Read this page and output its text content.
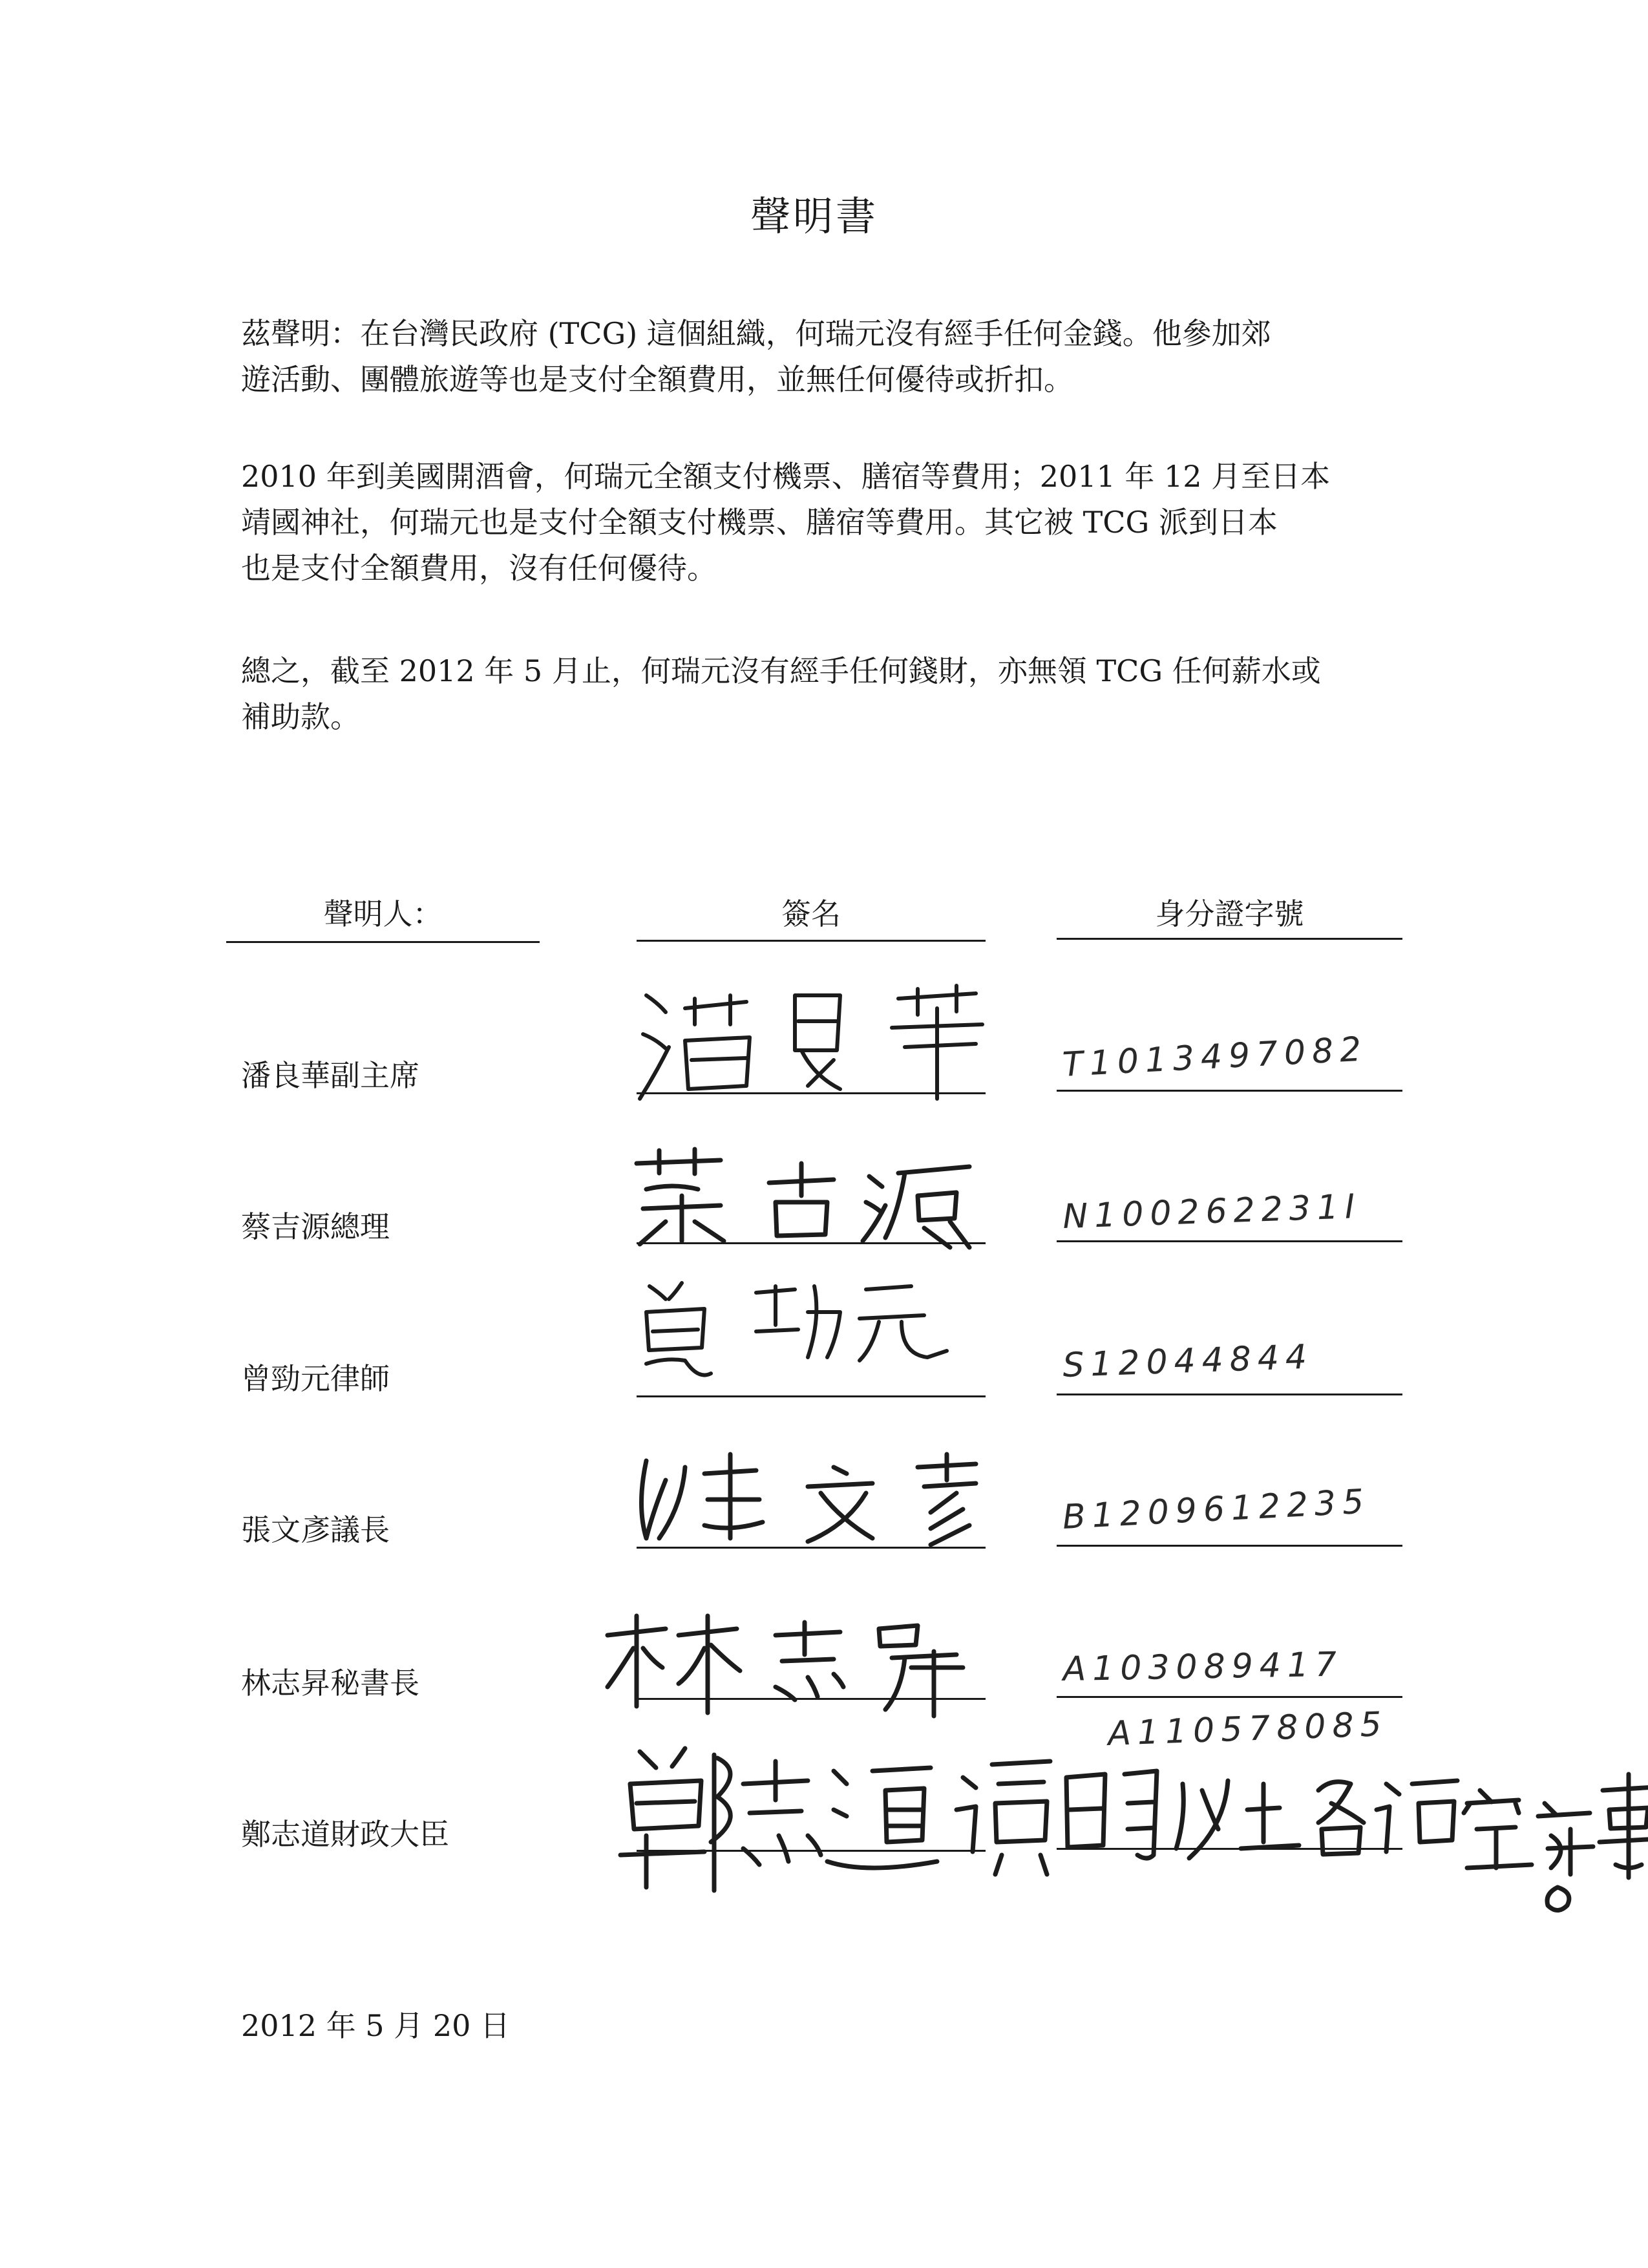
聲明書

茲聲明：在台灣民政府 (TCG) 這個組織，何瑞元沒有經手任何金錢。他參加郊
遊活動、團體旅遊等也是支付全額費用，並無任何優待或折扣。

2010 年到美國開酒會，何瑞元全額支付機票、膳宿等費用；2011 年 12 月至日本
靖國神社，何瑞元也是支付全額支付機票、膳宿等費用。其它被 TCG 派到日本
也是支付全額費用，沒有任何優待。

總之，截至 2012 年 5 月止，何瑞元沒有經手任何錢財，亦無領 TCG 任何薪水或
補助款。

聲明人：	簽名	身分證字號
潘良華副主席
蔡吉源總理
曾勁元律師
張文彥議長
林志昇秘書長
鄭志道財政大臣
T1013497082
N100262231I
S12044844
B1209612235
A103089417
A110578085
2012 年 5 月 20 日
